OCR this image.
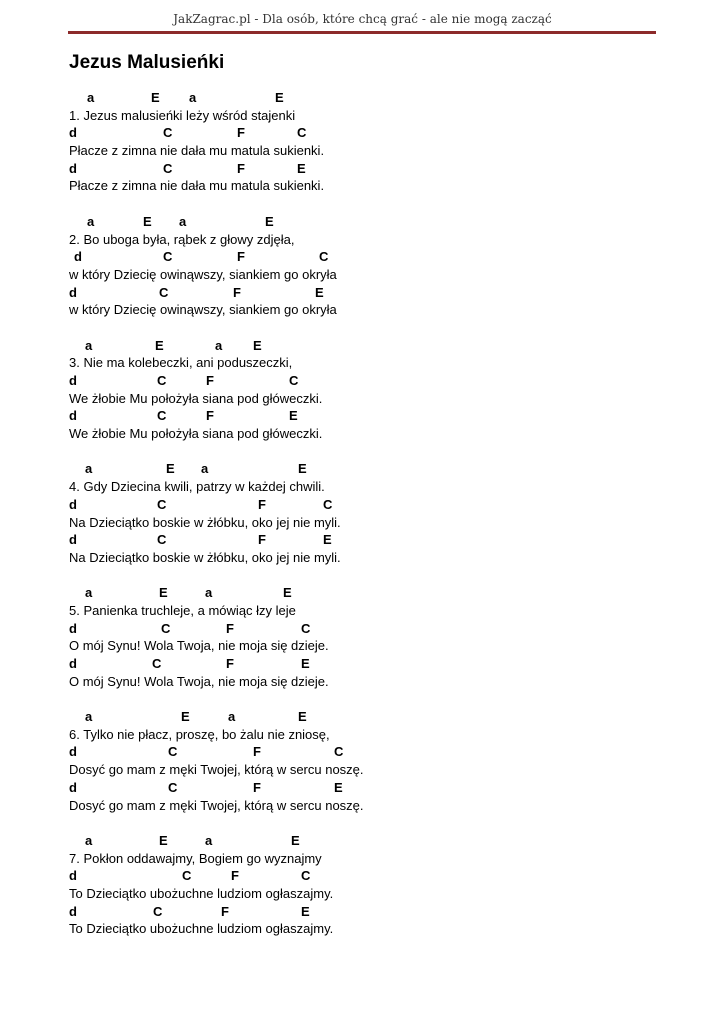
JakZagrac.pl - Dla osób, które chcą grać - ale nie mogą zacząć
Jezus Malusieńki
a	E a	E
1. Jezus malusieńki leży wśród stajenki
d	C	F	C
Płacze z zimna nie dała mu matula sukienki.
d	C	F	E
Płacze z zimna nie dała mu matula sukienki.
a	E a	E
2. Bo uboga była, rąbek z głowy zdjęła,
d	C	F	C
w który Dziecię owinąwszy, siankiem go okryła
d	C	F	E
w który Dziecię owinąwszy, siankiem go okryła
a	E	a E
3. Nie ma kolebeczki, ani poduszeczki,
d	C	F	C
We żłobie Mu położyła siana pod główeczki.
d	C	F	E
We żłobie Mu położyła siana pod główeczki.
a	E a	E
4. Gdy Dziecina kwili, patrzy w każdej chwili.
d	C	F	C
Na Dzieciątko boskie w żłóbku, oko jej nie myli.
d	C	F	E
Na Dzieciątko boskie w żłóbku, oko jej nie myli.
a	E	a	E
5. Panienka truchleje, a mówiąc łzy leje
d	C	F	C
O mój Synu! Wola Twoja, nie moja się dzieje.
d	C	F	E
O mój Synu! Wola Twoja, nie moja się dzieje.
a	E	a	E
6. Tylko nie płacz, proszę, bo żalu nie zniosę,
d	C	F	C
Dosyć go mam z męki Twojej, którą w sercu noszę.
d	C	F	E
Dosyć go mam z męki Twojej, którą w sercu noszę.
a	E	a	E
7. Pokłon oddawajmy, Bogiem go wyznajmy
d	C	F	C
To Dzieciątko ubożuchne ludziom ogłaszajmy.
d	C	F	E
To Dzieciątko ubożuchne ludziom ogłaszajmy.
